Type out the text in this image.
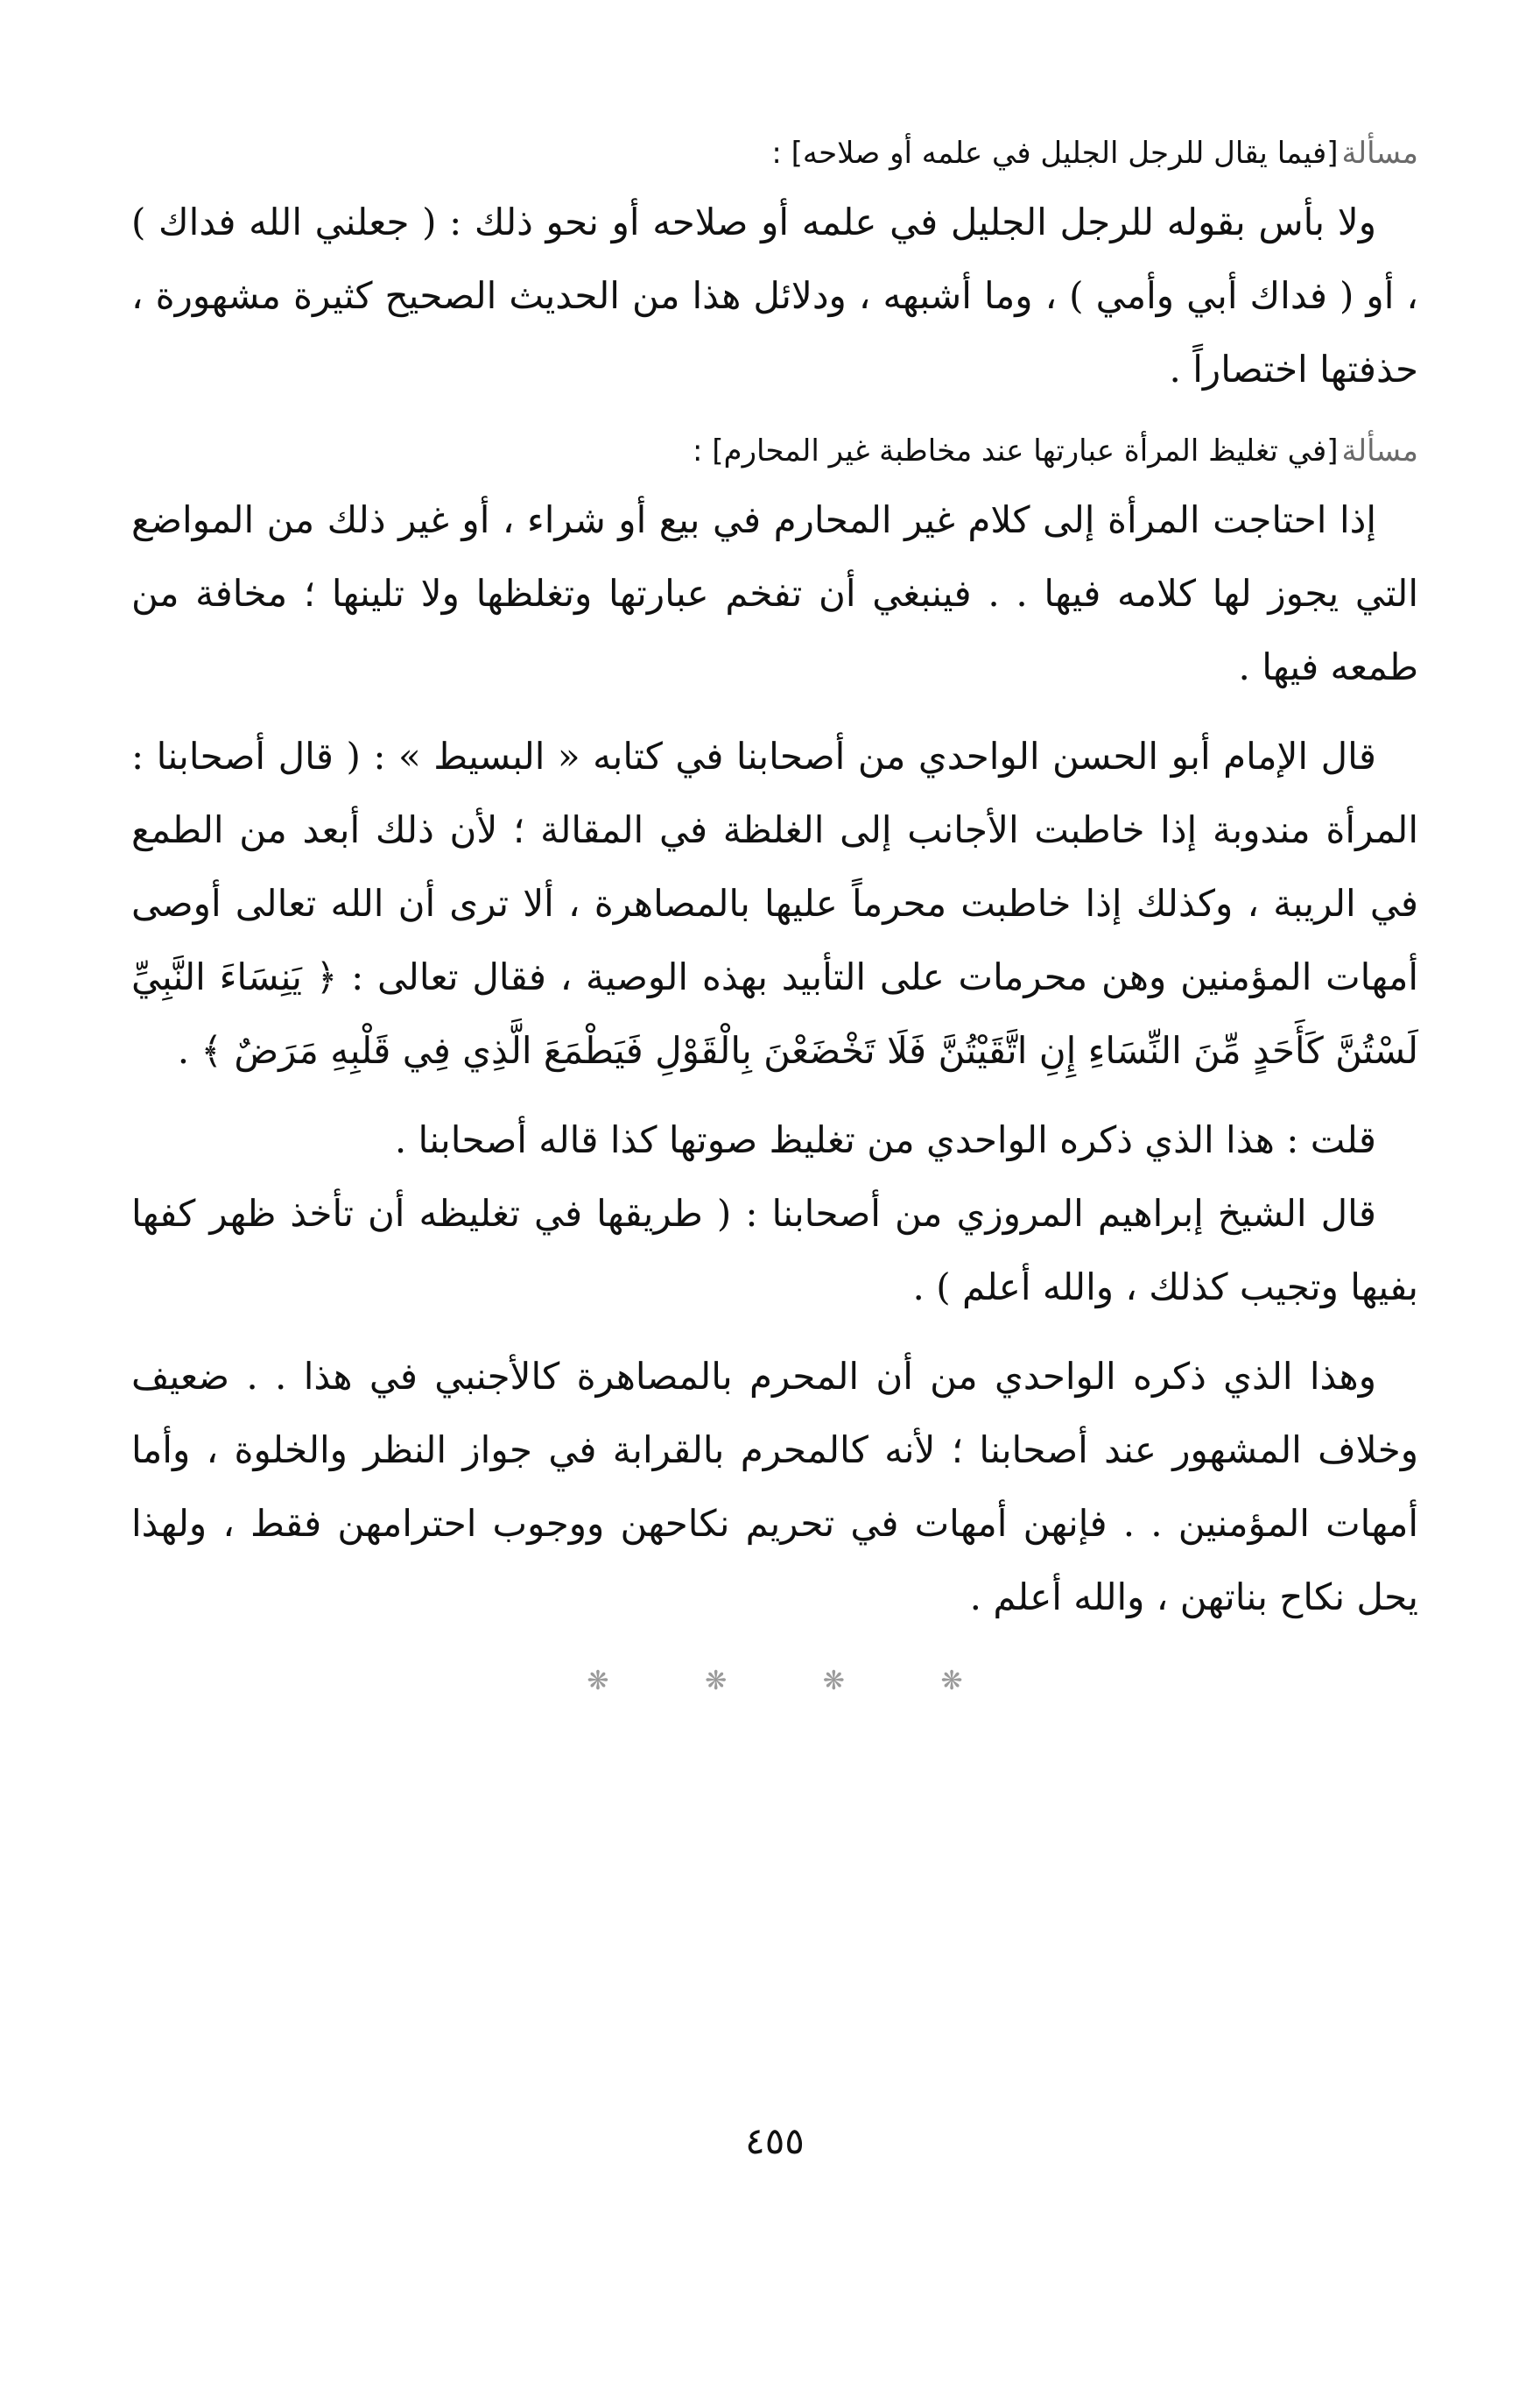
مسألة[فيما يقال للرجل الجليل في علمه أو صلاحه] :

ولا بأس بقوله للرجل الجليل في علمه أو صلاحه أو نحو ذلك : ( جعلني الله فداك ) ، أو ( فداك أبي وأمي ) ، وما أشبهه ، ودلائل هذا من الحديث الصحيح كثيرة مشهورة ، حذفتها اختصاراً .

مسألة[في تغليظ المرأة عبارتها عند مخاطبة غير المحارم] :

إذا احتاجت المرأة إلى كلام غير المحارم في بيع أو شراء ، أو غير ذلك من المواضع التي يجوز لها كلامه فيها . . فينبغي أن تفخم عبارتها وتغلظها ولا تلينها ؛ مخافة من طمعه فيها .

قال الإمام أبو الحسن الواحدي من أصحابنا في كتابه « البسيط » : ( قال أصحابنا : المرأة مندوبة إذا خاطبت الأجانب إلى الغلظة في المقالة ؛ لأن ذلك أبعد من الطمع في الريبة ، وكذلك إذا خاطبت محرماً عليها بالمصاهرة ، ألا ترى أن الله تعالى أوصى أمهات المؤمنين وهن محرمات على التأبيد بهذه الوصية ، فقال تعالى : ﴿ يَنِسَاءَ النَّبِيِّ لَسْتُنَّ كَأَحَدٍ مِّنَ النِّسَاءِ إِنِ اتَّقَيْتُنَّ فَلَا تَخْضَعْنَ بِالْقَوْلِ فَيَطْمَعَ الَّذِي فِي قَلْبِهِ مَرَضٌ ﴾ .

قلت : هذا الذي ذكره الواحدي من تغليظ صوتها كذا قاله أصحابنا .

قال الشيخ إبراهيم المروزي من أصحابنا : ( طريقها في تغليظه أن تأخذ ظهر كفها بفيها وتجيب كذلك ، والله أعلم ) .

وهذا الذي ذكره الواحدي من أن المحرم بالمصاهرة كالأجنبي في هذا . . ضعيف وخلاف المشهور عند أصحابنا ؛ لأنه كالمحرم بالقرابة في جواز النظر والخلوة ، وأما أمهات المؤمنين . . فإنهن أمهات في تحريم نكاحهن ووجوب احترامهن فقط ، ولهذا يحل نكاح بناتهن ، والله أعلم .

❋ ❋ ❋ ❋
٤٥٥
